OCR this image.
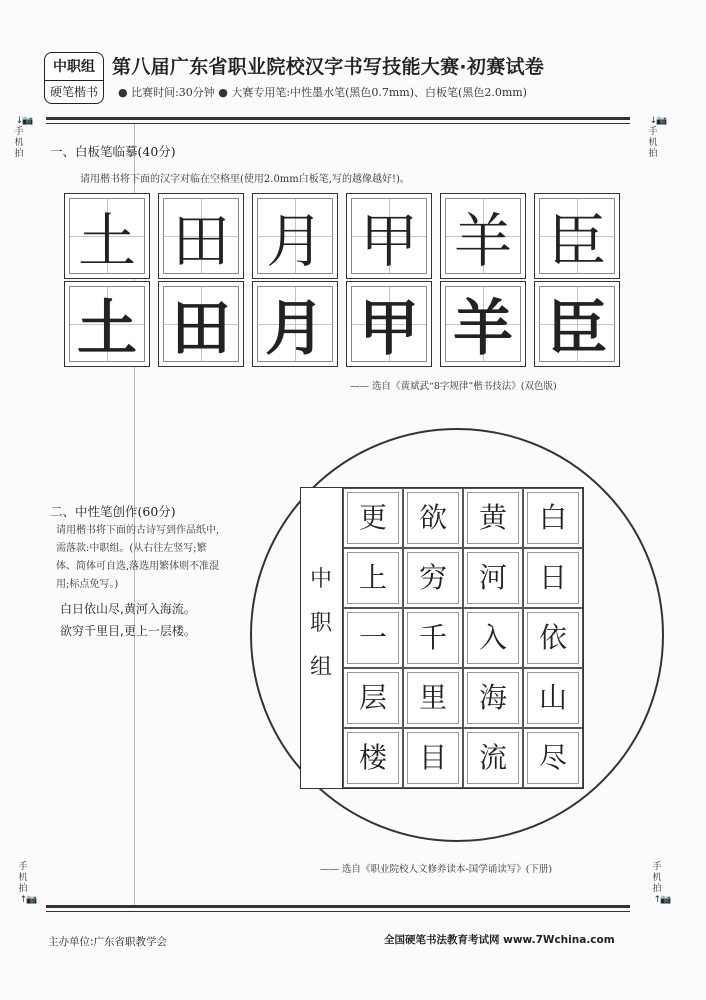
中职组
硬笔楷书
第八届广东省职业院校汉字书写技能大赛·初赛试卷
● 比赛时间:30分钟 ● 大赛专用笔:中性墨水笔(黑色0.7mm)、白板笔(黑色2.0mm)
↓📷
手
机
拍
↓📷
手
机
拍
手
机
拍
↑📷
手
机
拍
↑📷
一、白板笔临摹(40分)
请用楷书将下面的汉字对临在空格里(使用2.0mm白板笔,写的越像越好!)。
土 田 月 甲 羊 臣
土 田 月 甲 羊 臣
—— 选自《黄斌武“8字规律”楷书技法》(双色版)
二、中性笔创作(60分)
请用楷书将下面的古诗写到作品纸中,需落款:中职组。(从右往左竖写;繁体、简体可自选,落选用繁体则不准混用;标点免写。)
白日依山尽,黄河入海流。
欲穷千里目,更上一层楼。
中
职
组
更	欲	黄	白
上	穷	河	日
一	千	入	依
层	里	海	山
楼	目	流	尽
—— 选自《职业院校人文修养读本-国学诵读写》(下册)
主办单位:广东省职教学会	全国硬笔书法教育考试网 www.7Wchina.com
